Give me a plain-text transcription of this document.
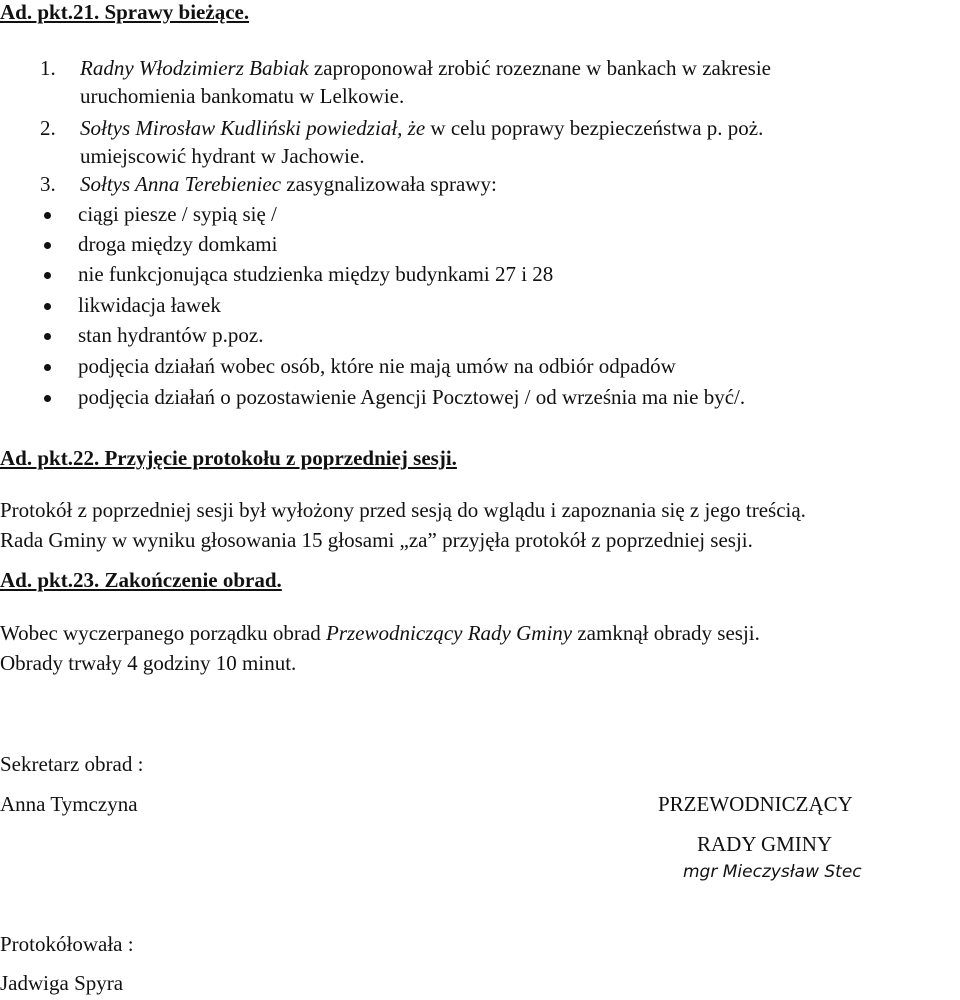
Ad. pkt.21. Sprawy bieżące.
1. Radny Włodzimierz Babiak zaproponował zrobić rozeznane w bankach w zakresie
uruchomienia bankomatu w Lelkowie.
2. Sołtys Mirosław Kudliński powiedział, że w celu poprawy bezpieczeństwa p. poż.
umiejscowić hydrant w Jachowie.
3. Sołtys Anna Terebieniec zasygnalizowała sprawy:
ciągi piesze / sypią się /
droga między domkami
nie funkcjonująca studzienka między budynkami 27 i 28
likwidacja ławek
stan hydrantów p.poz.
podjęcia działań wobec osób, które nie mają umów na odbiór odpadów
podjęcia działań o pozostawienie Agencji Pocztowej / od września ma nie być/.
Ad. pkt.22. Przyjęcie protokołu z poprzedniej sesji.
Protokół z poprzedniej sesji był wyłożony przed sesją do wglądu i zapoznania się z jego treścią.
Rada Gminy w wyniku głosowania 15 głosami „za” przyjęła protokół z poprzedniej sesji.
Ad. pkt.23. Zakończenie obrad.
Wobec wyczerpanego porządku obrad Przewodniczący Rady Gminy zamknął obrady sesji.
Obrady trwały 4 godziny 10 minut.
Sekretarz obrad :
Anna Tymczyna	PRZEWODNICZĄCY
RADY GMINY
mgr Mieczysław Stec
Protokółowała :
Jadwiga Spyra
